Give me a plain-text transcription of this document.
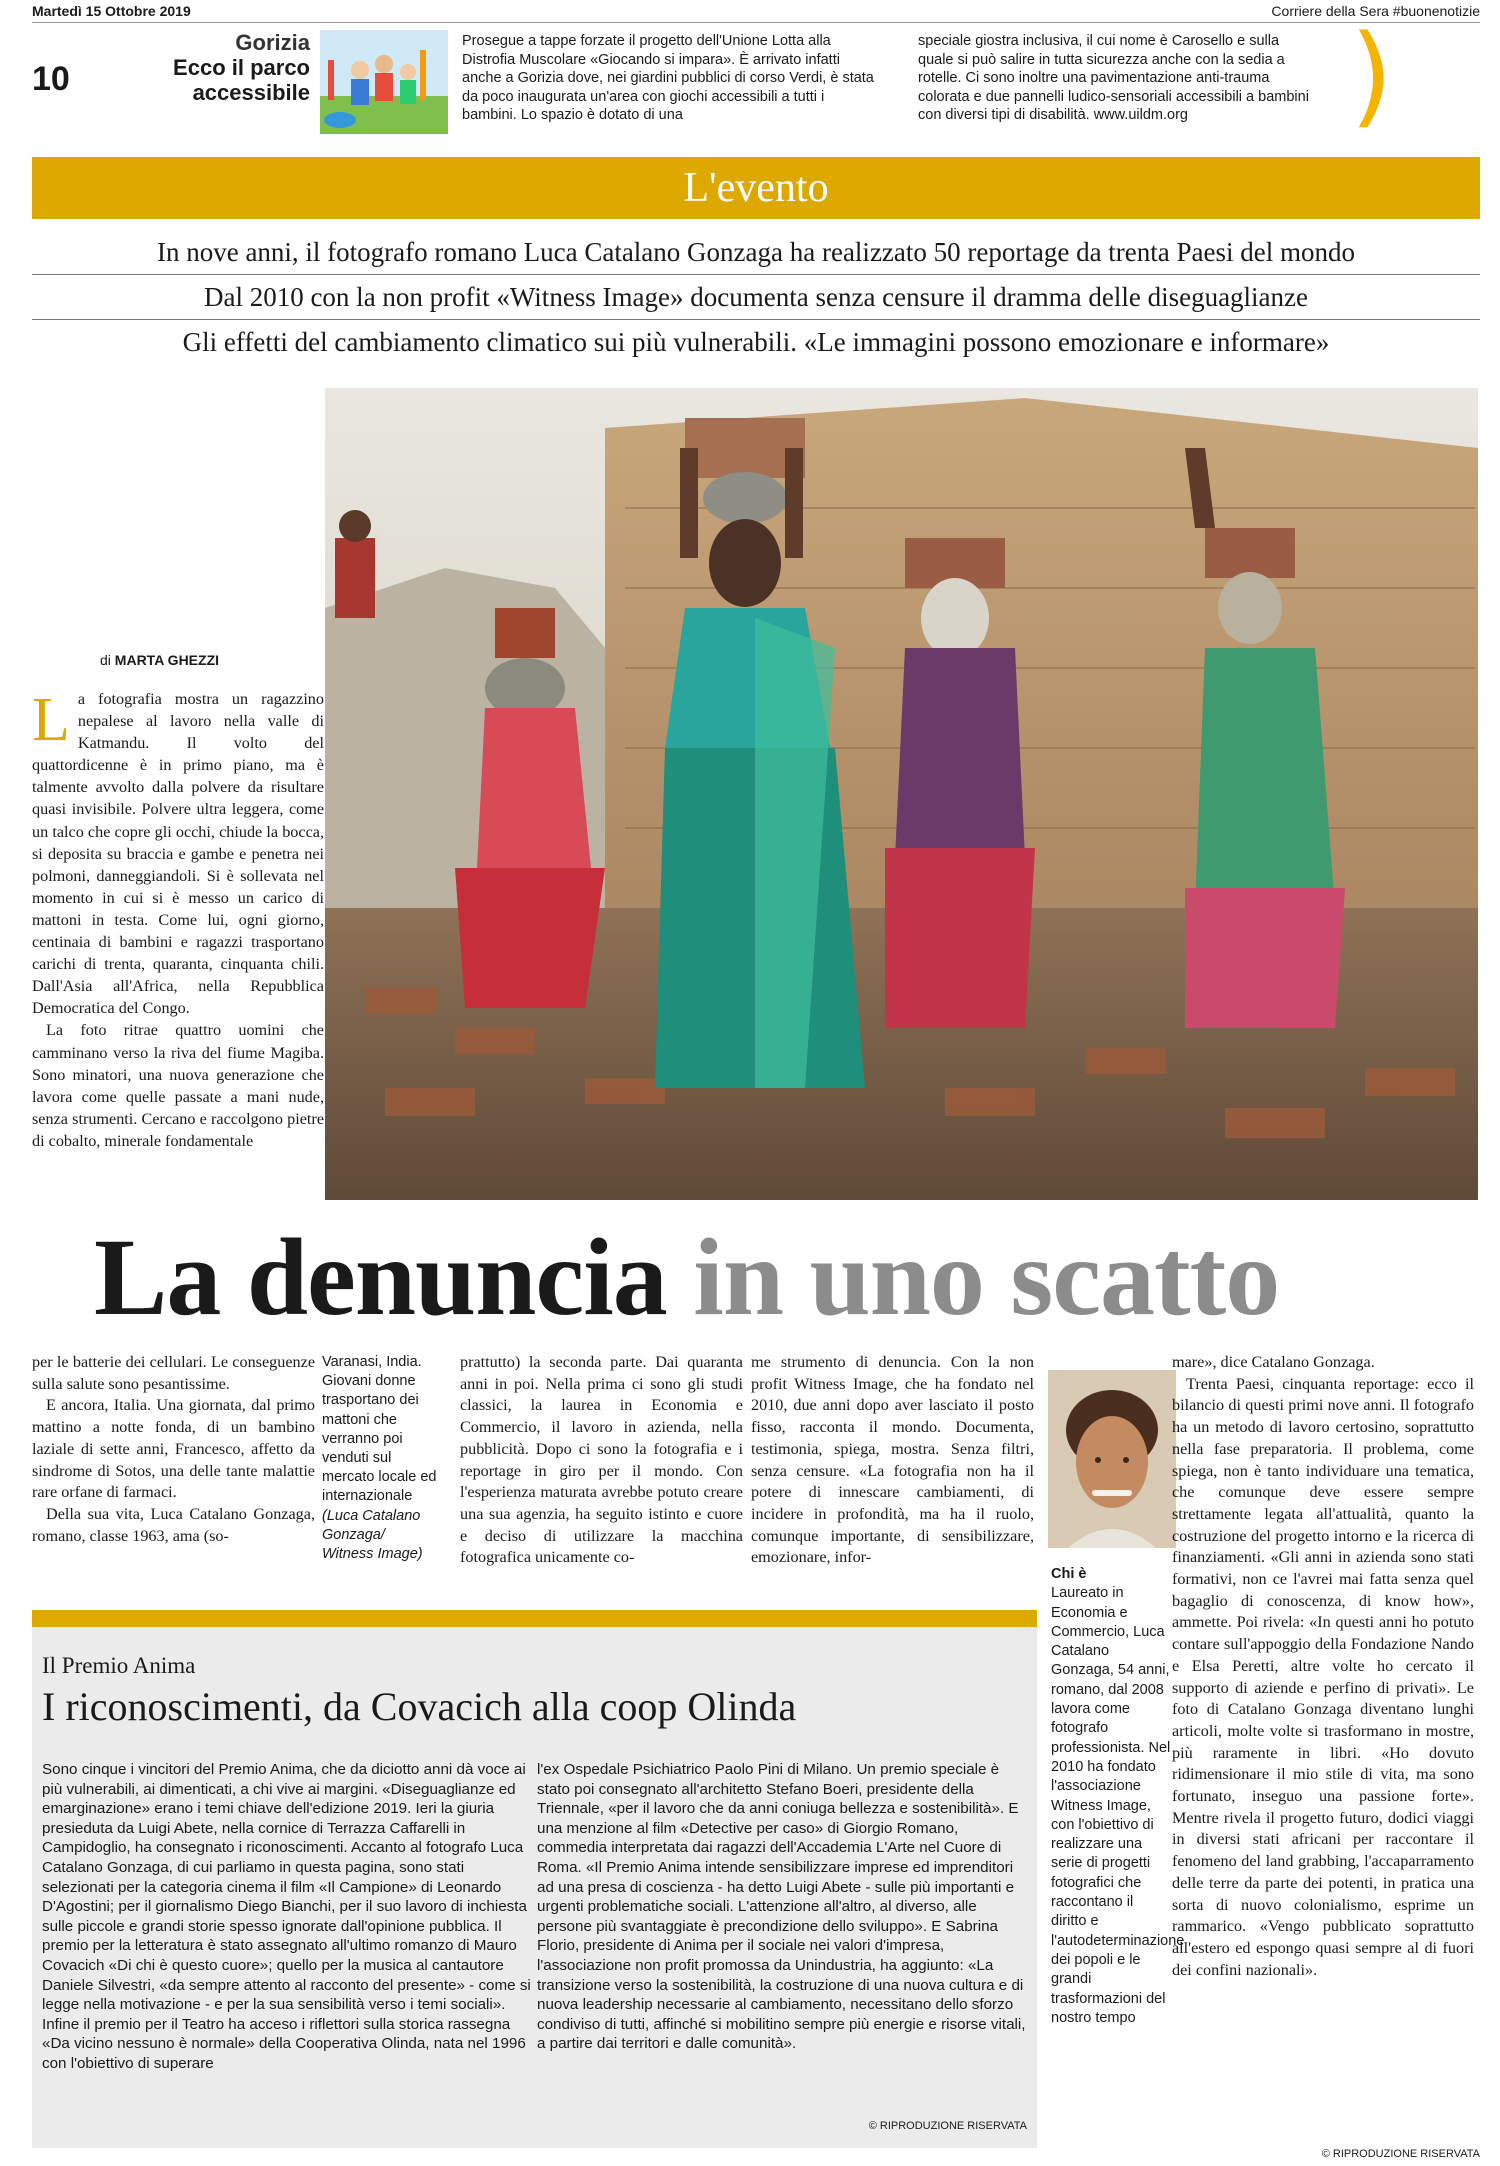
Martedì 15 Ottobre 2019	Corriere della Sera #buonenotizie
10
Gorizia
Ecco il parco
accessibile
Prosegue a tappe forzate il progetto dell'Unione Lotta alla Distrofia Muscolare «Giocando si impara». È arrivato infatti anche a Gorizia dove, nei giardini pubblici di corso Verdi, è stata da poco inaugurata un'area con giochi accessibili a tutti i bambini. Lo spazio è dotato di una
speciale giostra inclusiva, il cui nome è Carosello e sulla quale si può salire in tutta sicurezza anche con la sedia a rotelle. Ci sono inoltre una pavimentazione anti-trauma colorata e due pannelli ludico-sensoriali accessibili a bambini con diversi tipi di disabilità. www.uildm.org	)
L'evento
In nove anni, il fotografo romano Luca Catalano Gonzaga ha realizzato 50 reportage da trenta Paesi del mondo
Dal 2010 con la non profit «Witness Image» documenta senza censure il dramma delle diseguaglianze
Gli effetti del cambiamento climatico sui più vulnerabili. «Le immagini possono emozionare e informare»
di MARTA GHEZZI

La fotografia mostra un ragazzino nepalese al lavoro nella valle di Katmandu. Il volto del quattordicenne è in primo piano, ma è talmente avvolto dalla polvere da risultare quasi invisibile. Polvere ultra leggera, come un talco che copre gli occhi, chiude la bocca, si deposita su braccia e gambe e penetra nei polmoni, danneggiandoli. Si è sollevata nel momento in cui si è messo un carico di mattoni in testa. Come lui, ogni giorno, centinaia di bambini e ragazzi trasportano carichi di trenta, quaranta, cinquanta chili. Dall'Asia all'Africa, nella Repubblica Democratica del Congo.

La foto ritrae quattro uomini che camminano verso la riva del fiume Magiba. Sono minatori, una nuova generazione che lavora come quelle passate a mani nude, senza strumenti. Cercano e raccolgono pietre di cobalto, minerale fondamentale

La denuncia in uno scatto

per le batterie dei cellulari. Le conseguenze sulla salute sono pesantissime.

E ancora, Italia. Una giornata, dal primo mattino a notte fonda, di un bambino laziale di sette anni, Francesco, affetto da sindrome di Sotos, una delle tante malattie rare orfane di farmaci.

Della sua vita, Luca Catalano Gonzaga, romano, classe 1963, ama (so-

Varanasi, India. Giovani donne trasportano dei mattoni che verranno poi venduti sul mercato locale ed internazionale
(Luca Catalano Gonzaga/ Witness Image)

prattutto) la seconda parte. Dai quaranta anni in poi. Nella prima ci sono gli studi classici, la laurea in Economia e Commercio, il lavoro in azienda, nella pubblicità. Dopo ci sono la fotografia e i reportage in giro per il mondo. Con l'esperienza maturata avrebbe potuto creare una sua agenzia, ha seguito istinto e cuore e deciso di utilizzare la macchina fotografica unicamente co-

me strumento di denuncia. Con la non profit Witness Image, che ha fondato nel 2010, due anni dopo aver lasciato il posto fisso, racconta il mondo. Documenta, testimonia, spiega, mostra. Senza filtri, senza censure. «La fotografia non ha il potere di innescare cambiamenti, di incidere in profondità, ma ha il ruolo, comunque importante, di sensibilizzare, emozionare, infor-

Chi è
Laureato in Economia e Commercio, Luca Catalano Gonzaga, 54 anni, romano, dal 2008 lavora come fotografo professionista. Nel 2010 ha fondato l'associazione Witness Image, con l'obiettivo di realizzare una serie di progetti fotografici che raccontano il diritto e l'autodeterminazione dei popoli e le grandi trasformazioni del nostro tempo

mare», dice Catalano Gonzaga.

Trenta Paesi, cinquanta reportage: ecco il bilancio di questi primi nove anni. Il fotografo ha un metodo di lavoro certosino, soprattutto nella fase preparatoria. Il problema, come spiega, non è tanto individuare una tematica, che comunque deve essere sempre strettamente legata all'attualità, quanto la costruzione del progetto intorno e la ricerca di finanziamenti. «Gli anni in azienda sono stati formativi, non ce l'avrei mai fatta senza quel bagaglio di conoscenza, di know how», ammette. Poi rivela: «In questi anni ho potuto contare sull'appoggio della Fondazione Nando e Elsa Peretti, altre volte ho cercato il supporto di aziende e perfino di privati». Le foto di Catalano Gonzaga diventano lunghi articoli, molte volte si trasformano in mostre, più raramente in libri. «Ho dovuto ridimensionare il mio stile di vita, ma sono fortunato, inseguo una passione forte». Mentre rivela il progetto futuro, dodici viaggi in diversi stati africani per raccontare il fenomeno del land grabbing, l'accaparramento delle terre da parte dei potenti, in pratica una sorta di nuovo colonialismo, esprime un rammarico. «Vengo pubblicato soprattutto all'estero ed espongo quasi sempre al di fuori dei confini nazionali».

Il Premio Anima
I riconoscimenti, da Covacich alla coop Olinda
Sono cinque i vincitori del Premio Anima, che da diciotto anni dà voce ai più vulnerabili, ai dimenticati, a chi vive ai margini. «Diseguaglianze ed emarginazione» erano i temi chiave dell'edizione 2019. Ieri la giuria presieduta da Luigi Abete, nella cornice di Terrazza Caffarelli in Campidoglio, ha consegnato i riconoscimenti. Accanto al fotografo Luca Catalano Gonzaga, di cui parliamo in questa pagina, sono stati selezionati per la categoria cinema il film «Il Campione» di Leonardo D'Agostini; per il giornalismo Diego Bianchi, per il suo lavoro di inchiesta sulle piccole e grandi storie spesso ignorate dall'opinione pubblica. Il premio per la letteratura è stato assegnato all'ultimo romanzo di Mauro Covacich «Di chi è questo cuore»; quello per la musica al cantautore Daniele Silvestri, «da sempre attento al racconto del presente» - come si legge nella motivazione - e per la sua sensibilità verso i temi sociali». Infine il premio per il Teatro ha acceso i riflettori sulla storica rassegna «Da vicino nessuno è normale» della Cooperativa Olinda, nata nel 1996 con l'obiettivo di superare
l'ex Ospedale Psichiatrico Paolo Pini di Milano. Un premio speciale è stato poi consegnato all'architetto Stefano Boeri, presidente della Triennale, «per il lavoro che da anni coniuga bellezza e sostenibilità». E una menzione al film «Detective per caso» di Giorgio Romano, commedia interpretata dai ragazzi dell'Accademia L'Arte nel Cuore di Roma. «Il Premio Anima intende sensibilizzare imprese ed imprenditori ad una presa di coscienza - ha detto Luigi Abete - sulle più importanti e urgenti problematiche sociali. L'attenzione all'altro, al diverso, alle persone più svantaggiate è precondizione dello sviluppo». E Sabrina Florio, presidente di Anima per il sociale nei valori d'impresa, l'associazione non profit promossa da Unindustria, ha aggiunto: «La transizione verso la sostenibilità, la costruzione di una nuova cultura e di nuova leadership necessarie al cambiamento, necessitano dello sforzo condiviso di tutti, affinché si mobilitino sempre più energie e risorse vitali, a partire dai territori e dalle comunità».
© RIPRODUZIONE RISERVATA
© RIPRODUZIONE RISERVATA
